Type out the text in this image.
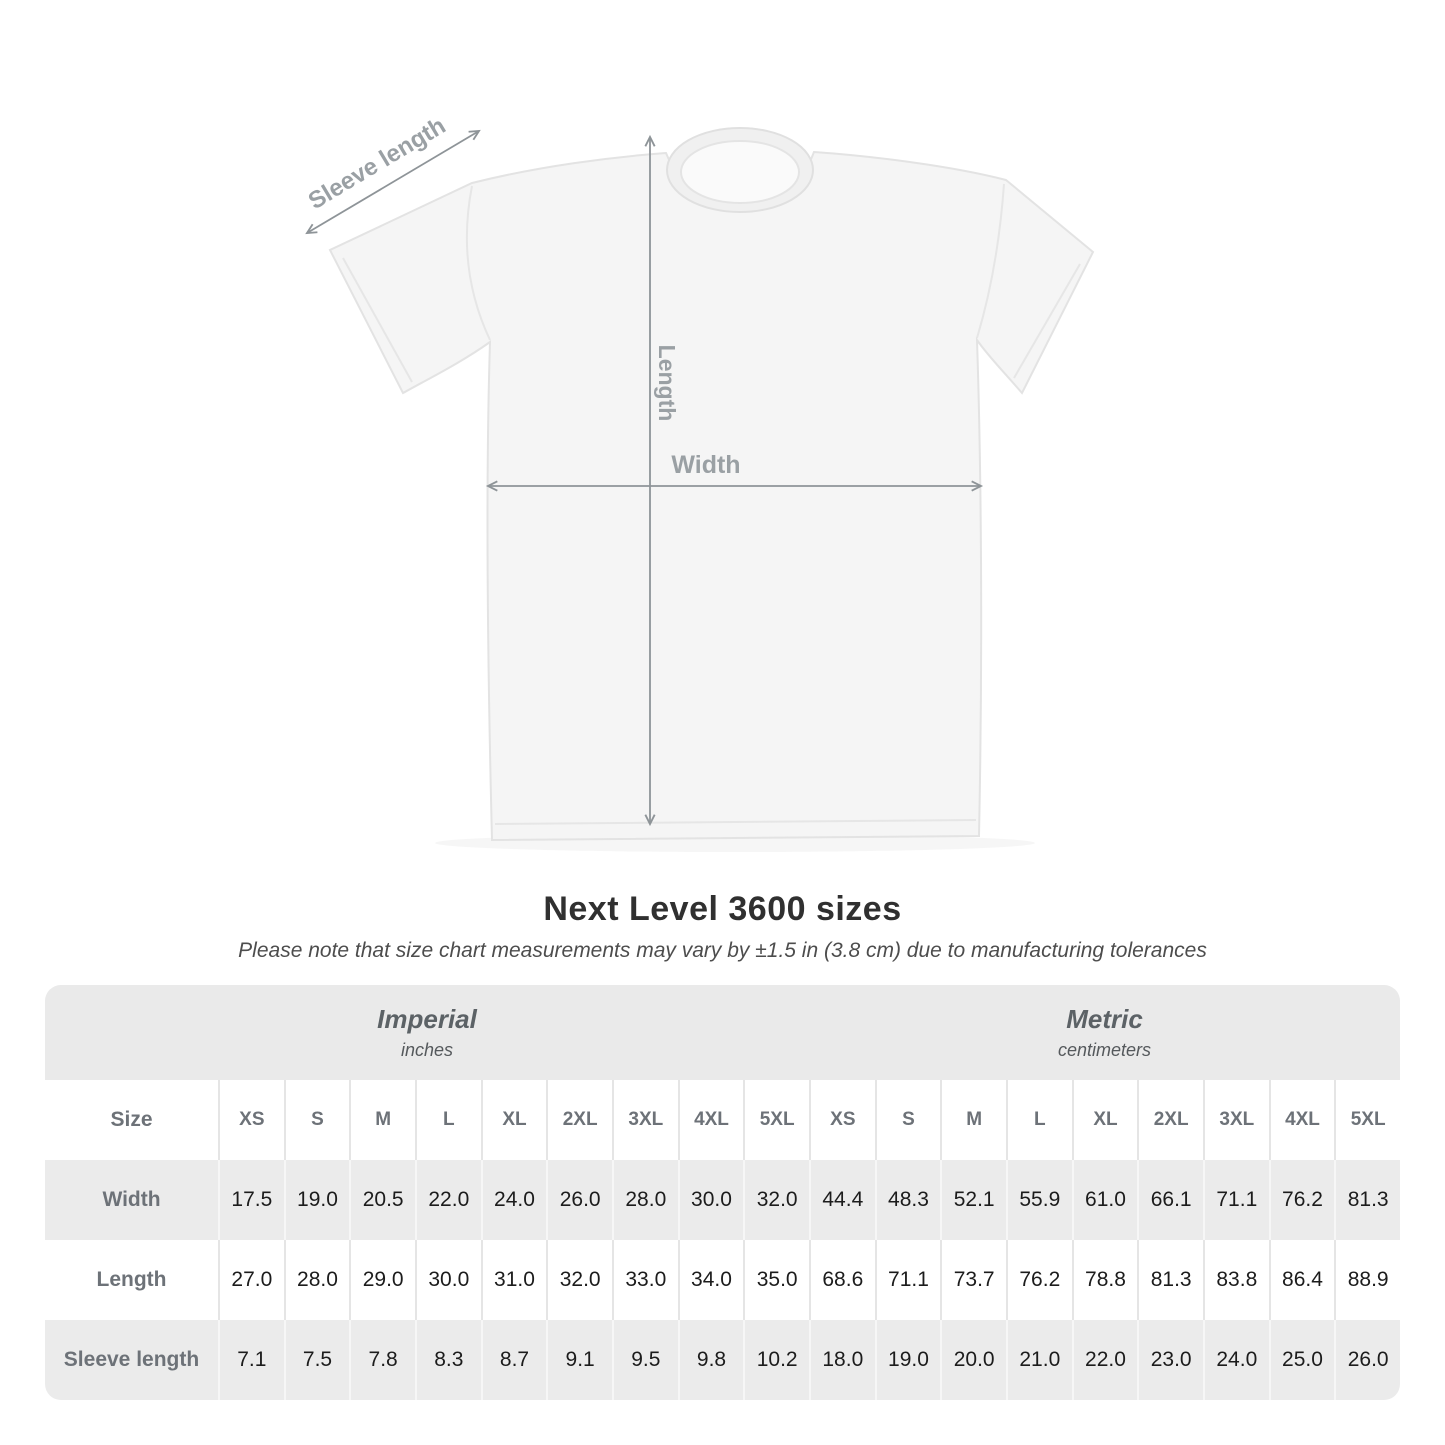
Length
Width
Sleeve length
Next Level 3600 sizes

Please note that size chart measurements may vary by ±1.5 in (3.8 cm) due to manufacturing tolerances

Imperial
inches
Metric
centimeters
Size	XS	S	M	L	XL	2XL	3XL	4XL	5XL	XS	S	M	L	XL	2XL	3XL	4XL	5XL
Width	17.5	19.0	20.5	22.0	24.0	26.0	28.0	30.0	32.0	44.4	48.3	52.1	55.9	61.0	66.1	71.1	76.2	81.3
Length	27.0	28.0	29.0	30.0	31.0	32.0	33.0	34.0	35.0	68.6	71.1	73.7	76.2	78.8	81.3	83.8	86.4	88.9
Sleeve length	7.1	7.5	7.8	8.3	8.7	9.1	9.5	9.8	10.2	18.0	19.0	20.0	21.0	22.0	23.0	24.0	25.0	26.0
